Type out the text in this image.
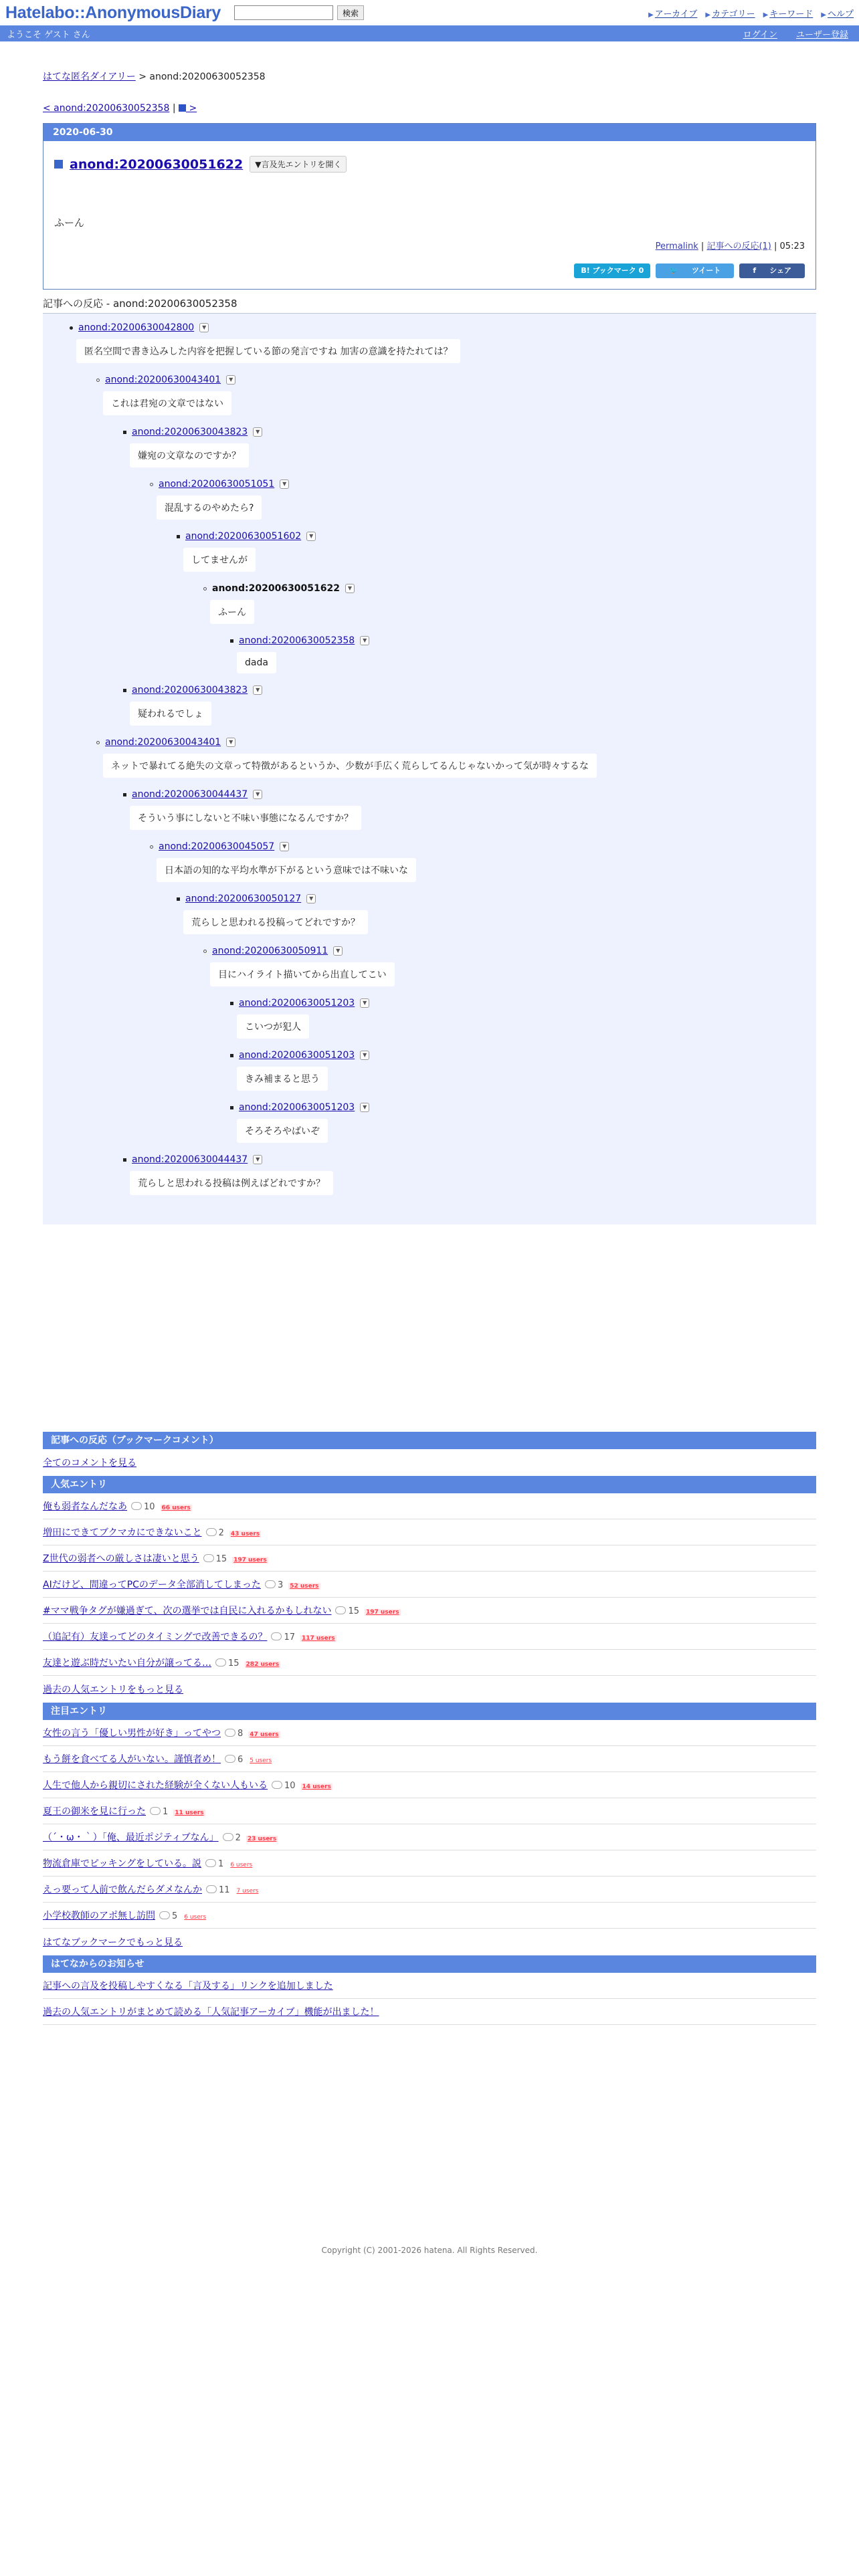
Hatelabo::AnonymousDiary	検索	▶ アーカイブ ▶ カテゴリー ▶ キーワード ▶ ヘルプ
ようこそ ゲスト さん	ログイン ユーザー登録
はてな匿名ダイアリー > anond:20200630052358
< anond:20200630052358 |  >
2020-06-30
anond:20200630051622	▼言及先エントリを開く
ふーん
Permalink | 記事への反応(1) | 05:23
B! ブックマーク 0	🐦ツイート	fシェア
記事への反応 - anond:20200630052358
anond:20200630042800	▼
匿名空間で書き込みした内容を把握している節の発言ですね 加害の意識を持たれては？
anond:20200630043401	▼
これは君宛の文章ではない
anond:20200630043823	▼
嫌宛の文章なのですか？
anond:20200630051051	▼
混乱するのやめたら?
anond:20200630051602	▼
してませんが
anond:20200630051622	▼
ふーん
anond:20200630052358	▼
dada
anond:20200630043823	▼
疑われるでしょ
anond:20200630043401	▼
ネットで暴れてる絶失の文章って特徴があるというか、少数が手広く荒らしてるんじゃないかって気が時々するな
anond:20200630044437	▼
そういう事にしないと不味い事態になるんですか？
anond:20200630045057	▼
日本語の知的な平均水準が下がるという意味では不味いな
anond:20200630050127	▼
荒らしと思われる投稿ってどれですか？
anond:20200630050911	▼
目にハイライト描いてから出直してこい
anond:20200630051203	▼
こいつが犯人
anond:20200630051203	▼
きみ補まると思う
anond:20200630051203	▼
そろそろやばいぞ
anond:20200630044437	▼
荒らしと思われる投稿は例えばどれですか？
記事への反応（ブックマークコメント）
全てのコメントを見る
人気エントリ
俺も弱者なんだなあ 10 66 users
増田にできてブクマカにできないこと 2 43 users
Z世代の弱者への厳しさは凄いと思う 15 197 users
AIだけど、間違ってPCのデータ全部消してしまった 3 52 users
#ママ戦争タグが嫌過ぎて、次の選挙では自民に入れるかもしれない 15 197 users
（追記有）友達ってどのタイミングで改善できるの？ 17 117 users
友達と遊ぶ時だいたい自分が譲ってる… 15 282 users
過去の人気エントリをもっと見る
注目エントリ
女性の言う「優しい男性が好き」ってやつ 8 47 users
もう餅を食べてる人がいない。謹慎者め！ 6 5 users
人生で他人から親切にされた経験が全くない人もいる 10 14 users
夏王の御米を見に行った 1 11 users
（´・ω・｀）「俺、最近ポジティブなん」 2 23 users
物流倉庫でピッキングをしている。説 1 6 users
えっ要って人前で飲んだらダメなんか 11 7 users
小学校教師のアポ無し訪問 5 6 users
はてなブックマークでもっと見る
はてなからのお知らせ
記事への言及を投稿しやすくなる「言及する」リンクを追加しました
過去の人気エントリがまとめて読める「人気記事アーカイブ」機能が出ました！
Copyright (C) 2001-2026 hatena. All Rights Reserved.
